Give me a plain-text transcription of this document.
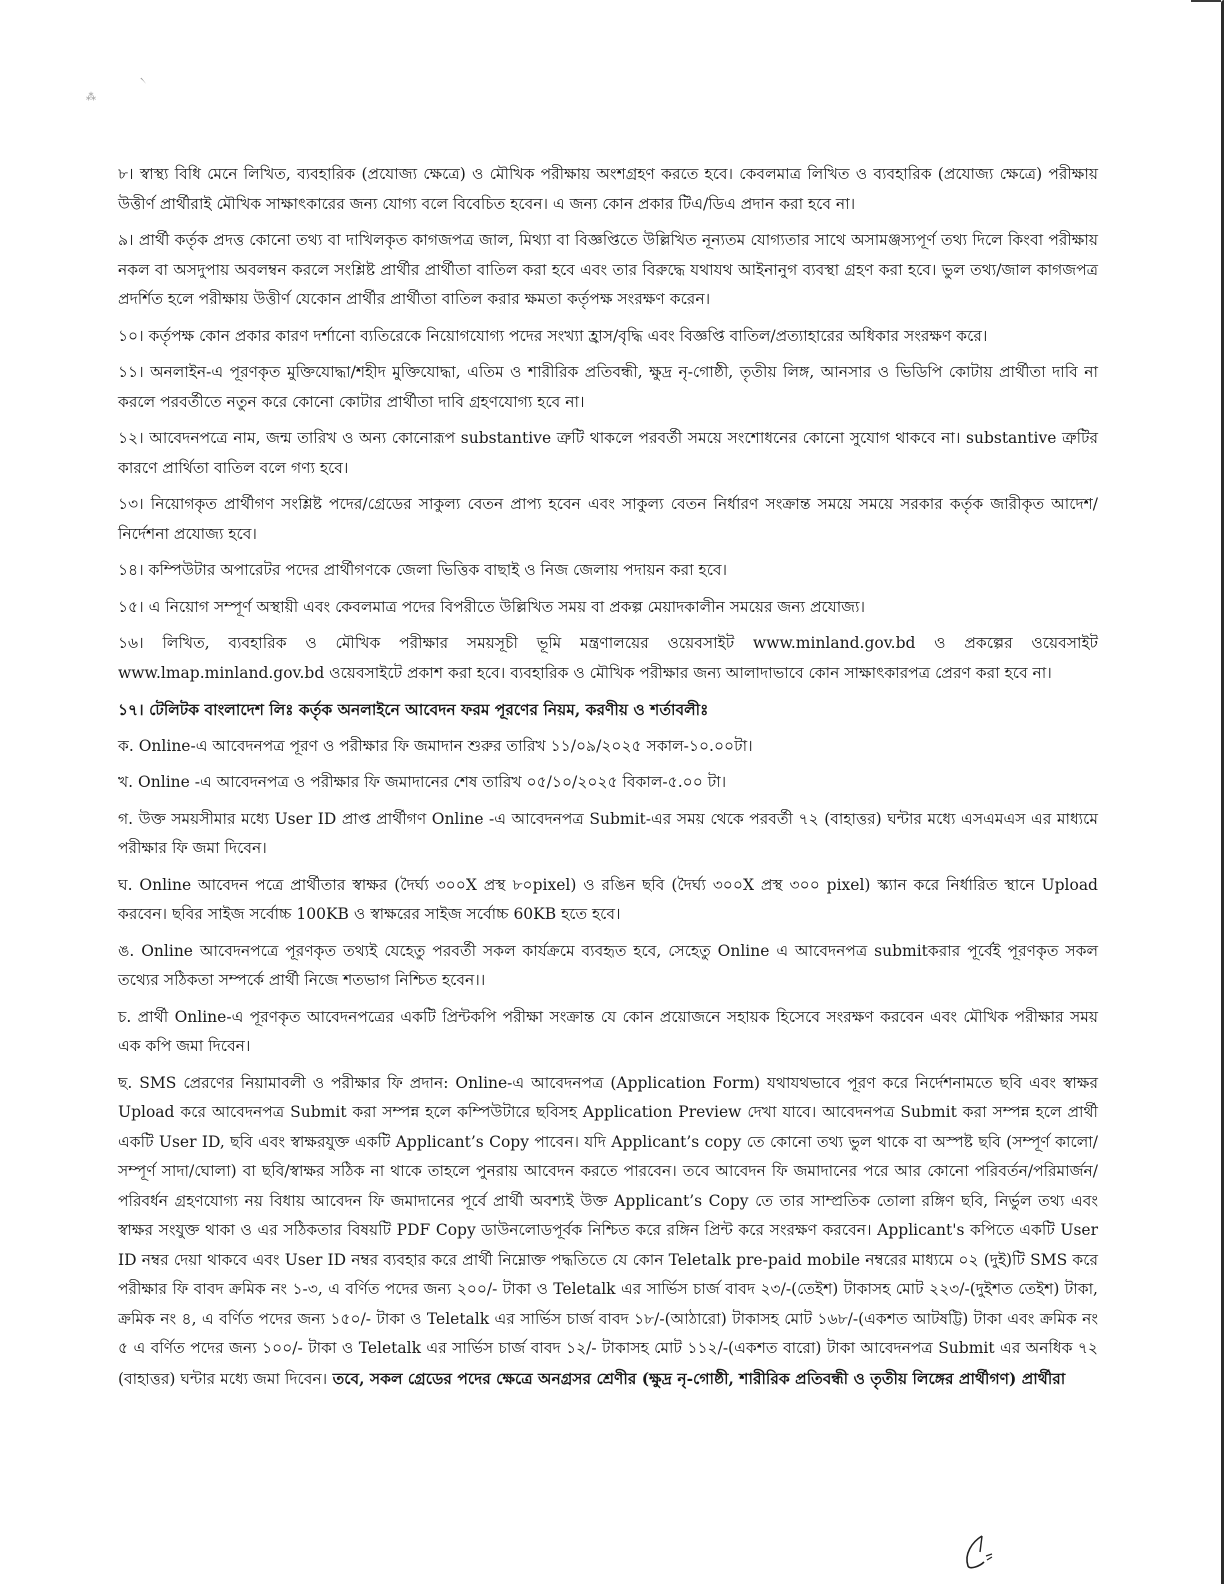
৲
⁂

৮। স্বাস্থ্য বিধি মেনে লিখিত, ব্যবহারিক (প্রযোজ্য ক্ষেত্রে) ও মৌখিক পরীক্ষায় অংশগ্রহণ করতে হবে। কেবলমাত্র লিখিত ও ব্যবহারিক (প্রযোজ্য ক্ষেত্রে) পরীক্ষায় উত্তীর্ণ প্রার্থীরাই মৌখিক সাক্ষাৎকারের জন্য যোগ্য বলে বিবেচিত হবেন। এ জন্য কোন প্রকার টিএ/ডিএ প্রদান করা হবে না।

৯। প্রার্থী কর্তৃক প্রদত্ত কোনো তথ্য বা দাখিলকৃত কাগজপত্র জাল, মিথ্যা বা বিজ্ঞপ্তিতে উল্লিখিত নূন্যতম যোগ্যতার সাথে অসামঞ্জস্যপূর্ণ তথ্য দিলে কিংবা পরীক্ষায় নকল বা অসদুপায় অবলম্বন করলে সংশ্লিষ্ট প্রার্থীর প্রার্থীতা বাতিল করা হবে এবং তার বিরুদ্ধে যথাযথ আইনানুগ ব্যবস্থা গ্রহণ করা হবে। ভুল তথ্য/জাল কাগজপত্র প্রদর্শিত হলে পরীক্ষায় উত্তীর্ণ যেকোন প্রার্থীর প্রার্থীতা বাতিল করার ক্ষমতা কর্তৃপক্ষ সংরক্ষণ করেন।

১০। কর্তৃপক্ষ কোন প্রকার কারণ দর্শানো ব্যতিরেকে নিয়োগযোগ্য পদের সংখ্যা হ্রাস/বৃদ্ধি এবং বিজ্ঞপ্তি বাতিল/প্রত্যাহারের অধিকার সংরক্ষণ করে।

১১। অনলাইন-এ পূরণকৃত মুক্তিযোদ্ধা/শহীদ মুক্তিযোদ্ধা, এতিম ও শারীরিক প্রতিবন্ধী, ক্ষুদ্র নৃ-গোষ্ঠী, তৃতীয় লিঙ্গ, আনসার ও ভিডিপি কোটায় প্রার্থীতা দাবি না করলে পরবর্তীতে নতুন করে কোনো কোটার প্রার্থীতা দাবি গ্রহণযোগ্য হবে না।

১২। আবেদনপত্রে নাম, জন্ম তারিখ ও অন্য কোনোরূপ substantive ত্রুটি থাকলে পরবর্তী সময়ে সংশোধনের কোনো সুযোগ থাকবে না। substantive ত্রুটির কারণে প্রার্থিতা বাতিল বলে গণ্য হবে।

১৩। নিয়োগকৃত প্রার্থীগণ সংশ্লিষ্ট পদের/গ্রেডের সাকুল্য বেতন প্রাপ্য হবেন এবং সাকুল্য বেতন নির্ধারণ সংক্রান্ত সময়ে সময়ে সরকার কর্তৃক জারীকৃত আদেশ/নির্দেশনা প্রযোজ্য হবে।

১৪। কম্পিউটার অপারেটর পদের প্রার্থীগণকে জেলা ভিত্তিক বাছাই ও নিজ জেলায় পদায়ন করা হবে।

১৫। এ নিয়োগ সম্পূর্ণ অস্থায়ী এবং কেবলমাত্র পদের বিপরীতে উল্লিখিত সময় বা প্রকল্প মেয়াদকালীন সময়ের জন্য প্রযোজ্য।

১৬। লিখিত, ব্যবহারিক ও মৌখিক পরীক্ষার সময়সূচী ভূমি মন্ত্রণালয়ের ওয়েবসাইট www.minland.gov.bd ও প্রকল্পের ওয়েবসাইট www.lmap.minland.gov.bd ওয়েবসাইটে প্রকাশ করা হবে। ব্যবহারিক ও মৌখিক পরীক্ষার জন্য আলাদাভাবে কোন সাক্ষাৎকারপত্র প্রেরণ করা হবে না।

১৭। টেলিটক বাংলাদেশ লিঃ কর্তৃক অনলাইনে আবেদন ফরম পূরণের নিয়ম, করণীয় ও শর্তাবলীঃ

ক. Online-এ আবেদনপত্র পূরণ ও পরীক্ষার ফি জমাদান শুরুর তারিখ ১১/০৯/২০২৫ সকাল-১০.০০টা।

খ. Online -এ আবেদনপত্র ও পরীক্ষার ফি জমাদানের শেষ তারিখ ০৫/১০/২০২৫ বিকাল-৫.০০ টা।

গ. উক্ত সময়সীমার মধ্যে User ID প্রাপ্ত প্রার্থীগণ Online -এ আবেদনপত্র Submit-এর সময় থেকে পরবর্তী ৭২ (বাহাত্তর) ঘন্টার মধ্যে এসএমএস এর মাধ্যমে পরীক্ষার ফি জমা দিবেন।

ঘ. Online আবেদন পত্রে প্রার্থীতার স্বাক্ষর (দৈর্ঘ্য ৩০০X প্রস্থ ৮০pixel) ও রঙিন ছবি (দৈর্ঘ্য ৩০০X প্রস্থ ৩০০ pixel) স্ক্যান করে নির্ধারিত স্থানে Upload করবেন। ছবির সাইজ সর্বোচ্চ 100KB ও স্বাক্ষরের সাইজ সর্বোচ্চ 60KB হতে হবে।

ঙ. Online আবেদনপত্রে পূরণকৃত তথ্যই যেহেতু পরবর্তী সকল কার্যক্রমে ব্যবহৃত হবে, সেহেতু Online এ আবেদনপত্র submitকরার পূর্বেই পূরণকৃত সকল তথ্যের সঠিকতা সম্পর্কে প্রার্থী নিজে শতভাগ নিশ্চিত হবেন।।

চ. প্রার্থী Online-এ পূরণকৃত আবেদনপত্রের একটি প্রিন্টকপি পরীক্ষা সংক্রান্ত যে কোন প্রয়োজনে সহায়ক হিসেবে সংরক্ষণ করবেন এবং মৌখিক পরীক্ষার সময় এক কপি জমা দিবেন।

ছ. SMS প্রেরণের নিয়ামাবলী ও পরীক্ষার ফি প্রদান: Online-এ আবেদনপত্র (Application Form) যথাযথভাবে পূরণ করে নির্দেশনামতে ছবি এবং স্বাক্ষর Upload করে আবেদনপত্র Submit করা সম্পন্ন হলে কম্পিউটারে ছবিসহ Application Preview দেখা যাবে। আবেদনপত্র Submit করা সম্পন্ন হলে প্রার্থী একটি User ID, ছবি এবং স্বাক্ষরযুক্ত একটি Applicant’s Copy পাবেন। যদি Applicant’s copy তে কোনো তথ্য ভুল থাকে বা অস্পষ্ট ছবি (সম্পূর্ণ কালো/সম্পূর্ণ সাদা/ঘোলা) বা ছবি/স্বাক্ষর সঠিক না থাকে তাহলে পুনরায় আবেদন করতে পারবেন। তবে আবেদন ফি জমাদানের পরে আর কোনো পরিবর্তন/পরিমার্জন/পরিবর্ধন গ্রহণযোগ্য নয় বিধায় আবেদন ফি জমাদানের পূর্বে প্রার্থী অবশ্যই উক্ত Applicant’s Copy তে তার সাম্প্রতিক তোলা রঙ্গিণ ছবি, নির্ভুল তথ্য এবং স্বাক্ষর সংযুক্ত থাকা ও এর সঠিকতার বিষয়টি PDF Copy ডাউনলোডপূর্বক নিশ্চিত করে রঙ্গিন প্রিন্ট করে সংরক্ষণ করবেন। Applicant's কপিতে একটি User ID নম্বর দেয়া থাকবে এবং User ID নম্বর ব্যবহার করে প্রার্থী নিম্নোক্ত পদ্ধতিতে যে কোন Teletalk pre-paid mobile নম্বরের মাধ্যমে ০২ (দুই)টি SMS করে পরীক্ষার ফি বাবদ ক্রমিক নং ১-৩, এ বর্ণিত পদের জন্য ২০০/- টাকা ও Teletalk এর সার্ভিস চার্জ বাবদ ২৩/-(তেইশ) টাকাসহ মোট ২২৩/-(দুইশত তেইশ) টাকা, ক্রমিক নং ৪, এ বর্ণিত পদের জন্য ১৫০/- টাকা ও Teletalk এর সার্ভিস চার্জ বাবদ ১৮/-(আঠারো) টাকাসহ মোট ১৬৮/-(একশত আটষট্টি) টাকা এবং ক্রমিক নং ৫ এ বর্ণিত পদের জন্য ১০০/- টাকা ও Teletalk এর সার্ভিস চার্জ বাবদ ১২/- টাকাসহ মোট ১১২/-(একশত বারো) টাকা আবেদনপত্র Submit এর অনধিক ৭২ (বাহাত্তর) ঘন্টার মধ্যে জমা দিবেন। তবে, সকল গ্রেডের পদের ক্ষেত্রে অনগ্রসর শ্রেণীর (ক্ষুদ্র নৃ-গোষ্ঠী, শারীরিক প্রতিবন্ধী ও তৃতীয় লিঙ্গের প্রার্থীগণ) প্রার্থীরা
